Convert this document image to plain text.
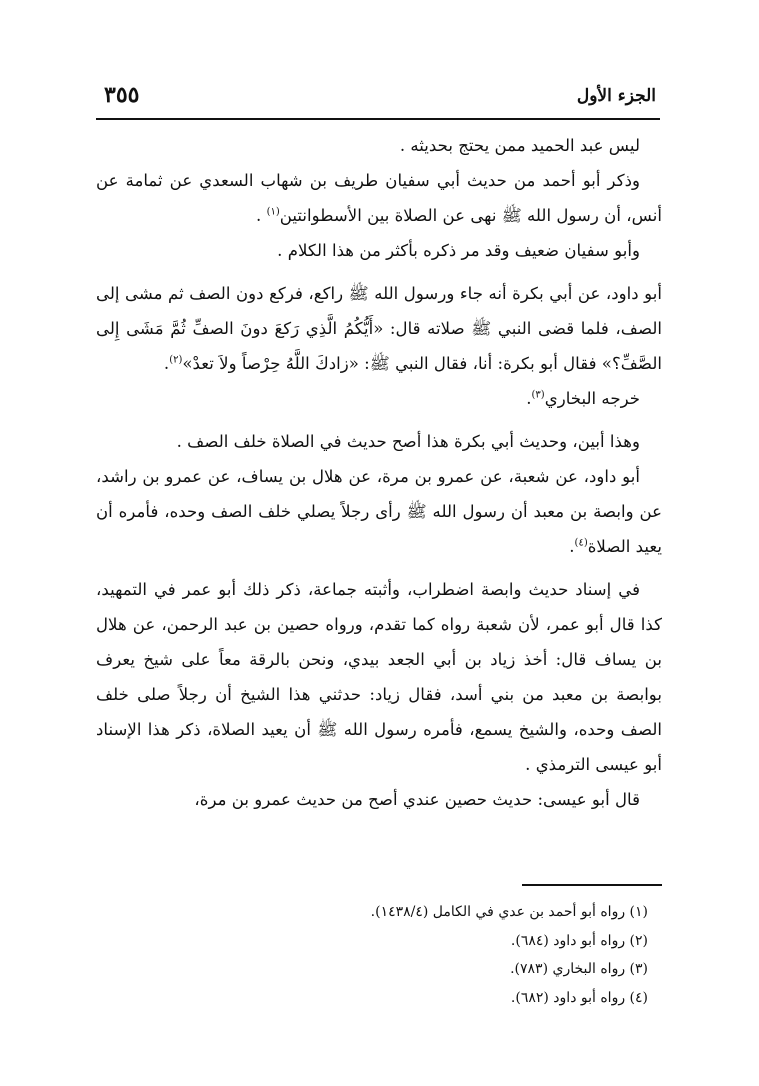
الجزء الأول
٣٥٥

ليس عبد الحميد ممن يحتج بحديثه .

وذكر أبو أحمد من حديث أبي سفيان طريف بن شهاب السعدي عن ثمامة عن أنس، أن رسول الله ﷺ نهى عن الصلاة بين الأسطوانتين$^{(١)}$ .

وأبو سفيان ضعيف وقد مر ذكره بأكثر من هذا الكلام .

أبو داود، عن أبي بكرة أنه جاء ورسول الله ﷺ راكع، فركع دون الصف ثم مشى إلى الصف، فلما قضى النبي ﷺ صلاته قال: «أَيُّكُمُ الَّذِي رَكعَ دونَ الصفِّ ثُمَّ مَشَى إِلى الصَّفِّ؟» فقال أبو بكرة: أنا، فقال النبي ﷺ: «زادكَ اللَّهُ حِرْصاً ولاَ تعدْ»$^{(٢)}$.

خرجه البخاري$^{(٣)}$.

وهذا أبين، وحديث أبي بكرة هذا أصح حديث في الصلاة خلف الصف .

أبو داود، عن شعبة، عن عمرو بن مرة، عن هلال بن يساف، عن عمرو بن راشد، عن وابصة بن معبد أن رسول الله ﷺ رأى رجلاً يصلي خلف الصف وحده، فأمره أن يعيد الصلاة$^{(٤)}$.

في إسناد حديث وابصة اضطراب، وأثبته جماعة، ذكر ذلك أبو عمر في التمهيد، كذا قال أبو عمر، لأن شعبة رواه كما تقدم، ورواه حصين بن عبد الرحمن، عن هلال بن يساف قال: أخذ زياد بن أبي الجعد بيدي، ونحن بالرقة معاً على شيخ يعرف بوابصة بن معبد من بني أسد، فقال زياد: حدثني هذا الشيخ أن رجلاً صلى خلف الصف وحده، والشيخ يسمع، فأمره رسول الله ﷺ أن يعيد الصلاة، ذكر هذا الإسناد أبو عيسى الترمذي .

قال أبو عيسى: حديث حصين عندي أصح من حديث عمرو بن مرة،

(١) رواه أبو أحمد بن عدي في الكامل (١٤٣٨/٤).

(٢) رواه أبو داود (٦٨٤).

(٣) رواه البخاري (٧٨٣).

(٤) رواه أبو داود (٦٨٢).
